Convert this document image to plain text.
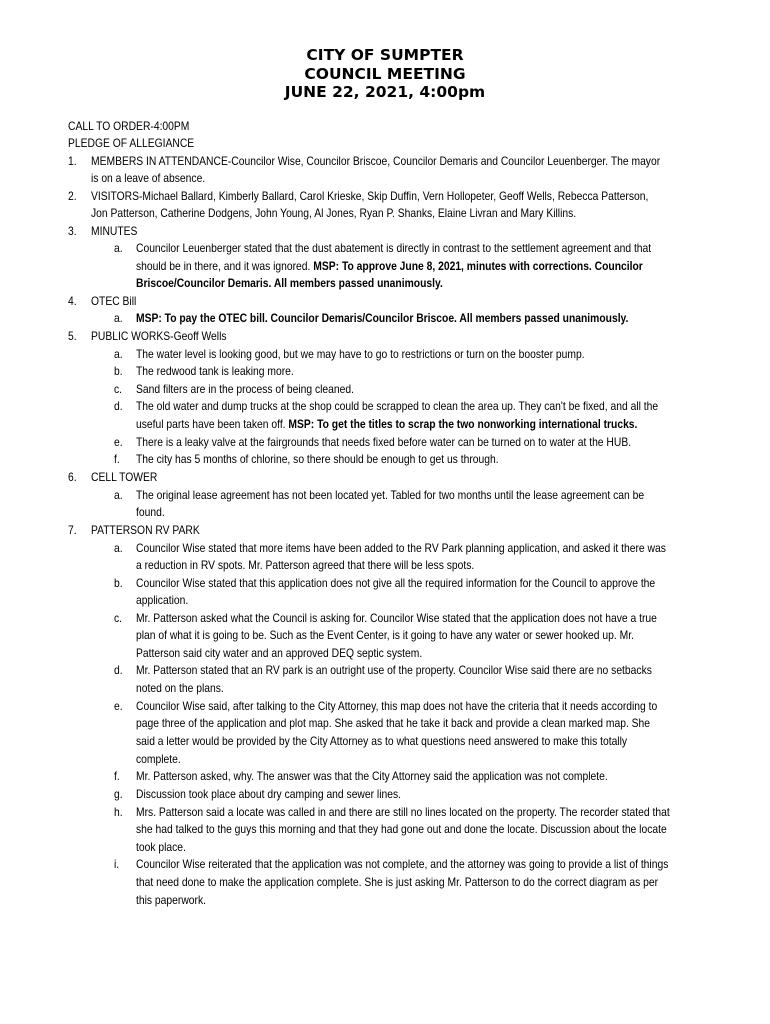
CITY OF SUMPTER
COUNCIL MEETING
JUNE 22, 2021, 4:00pm
CALL TO ORDER-4:00PM
PLEDGE OF ALLEGIANCE
1. MEMBERS IN ATTENDANCE-Councilor Wise, Councilor Briscoe, Councilor Demaris and Councilor Leuenberger. The mayor
is on a leave of absence.
2. VISITORS-Michael Ballard, Kimberly Ballard, Carol Krieske, Skip Duffin, Vern Hollopeter, Geoff Wells, Rebecca Patterson,
Jon Patterson, Catherine Dodgens, John Young, Al Jones, Ryan P. Shanks, Elaine Livran and Mary Killins.
3. MINUTES
a. Councilor Leuenberger stated that the dust abatement is directly in contrast to the settlement agreement and that
should be in there, and it was ignored. MSP: To approve June 8, 2021, minutes with corrections. Councilor
Briscoe/Councilor Demaris. All members passed unanimously.
4. OTEC Bill
a. MSP: To pay the OTEC bill. Councilor Demaris/Councilor Briscoe. All members passed unanimously.
5. PUBLIC WORKS-Geoff Wells
a. The water level is looking good, but we may have to go to restrictions or turn on the booster pump.
b. The redwood tank is leaking more.
c. Sand filters are in the process of being cleaned.
d. The old water and dump trucks at the shop could be scrapped to clean the area up. They can't be fixed, and all the
useful parts have been taken off. MSP: To get the titles to scrap the two nonworking international trucks.
e. There is a leaky valve at the fairgrounds that needs fixed before water can be turned on to water at the HUB.
f. The city has 5 months of chlorine, so there should be enough to get us through.
6. CELL TOWER
a. The original lease agreement has not been located yet. Tabled for two months until the lease agreement can be
found.
7. PATTERSON RV PARK
a. Councilor Wise stated that more items have been added to the RV Park planning application, and asked it there was
a reduction in RV spots. Mr. Patterson agreed that there will be less spots.
b. Councilor Wise stated that this application does not give all the required information for the Council to approve the
application.
c. Mr. Patterson asked what the Council is asking for. Councilor Wise stated that the application does not have a true
plan of what it is going to be. Such as the Event Center, is it going to have any water or sewer hooked up. Mr.
Patterson said city water and an approved DEQ septic system.
d. Mr. Patterson stated that an RV park is an outright use of the property. Councilor Wise said there are no setbacks
noted on the plans.
e. Councilor Wise said, after talking to the City Attorney, this map does not have the criteria that it needs according to
page three of the application and plot map. She asked that he take it back and provide a clean marked map. She
said a letter would be provided by the City Attorney as to what questions need answered to make this totally
complete.
f. Mr. Patterson asked, why. The answer was that the City Attorney said the application was not complete.
g. Discussion took place about dry camping and sewer lines.
h. Mrs. Patterson said a locate was called in and there are still no lines located on the property. The recorder stated that
she had talked to the guys this morning and that they had gone out and done the locate. Discussion about the locate
took place.
i. Councilor Wise reiterated that the application was not complete, and the attorney was going to provide a list of things
that need done to make the application complete. She is just asking Mr. Patterson to do the correct diagram as per
this paperwork.
